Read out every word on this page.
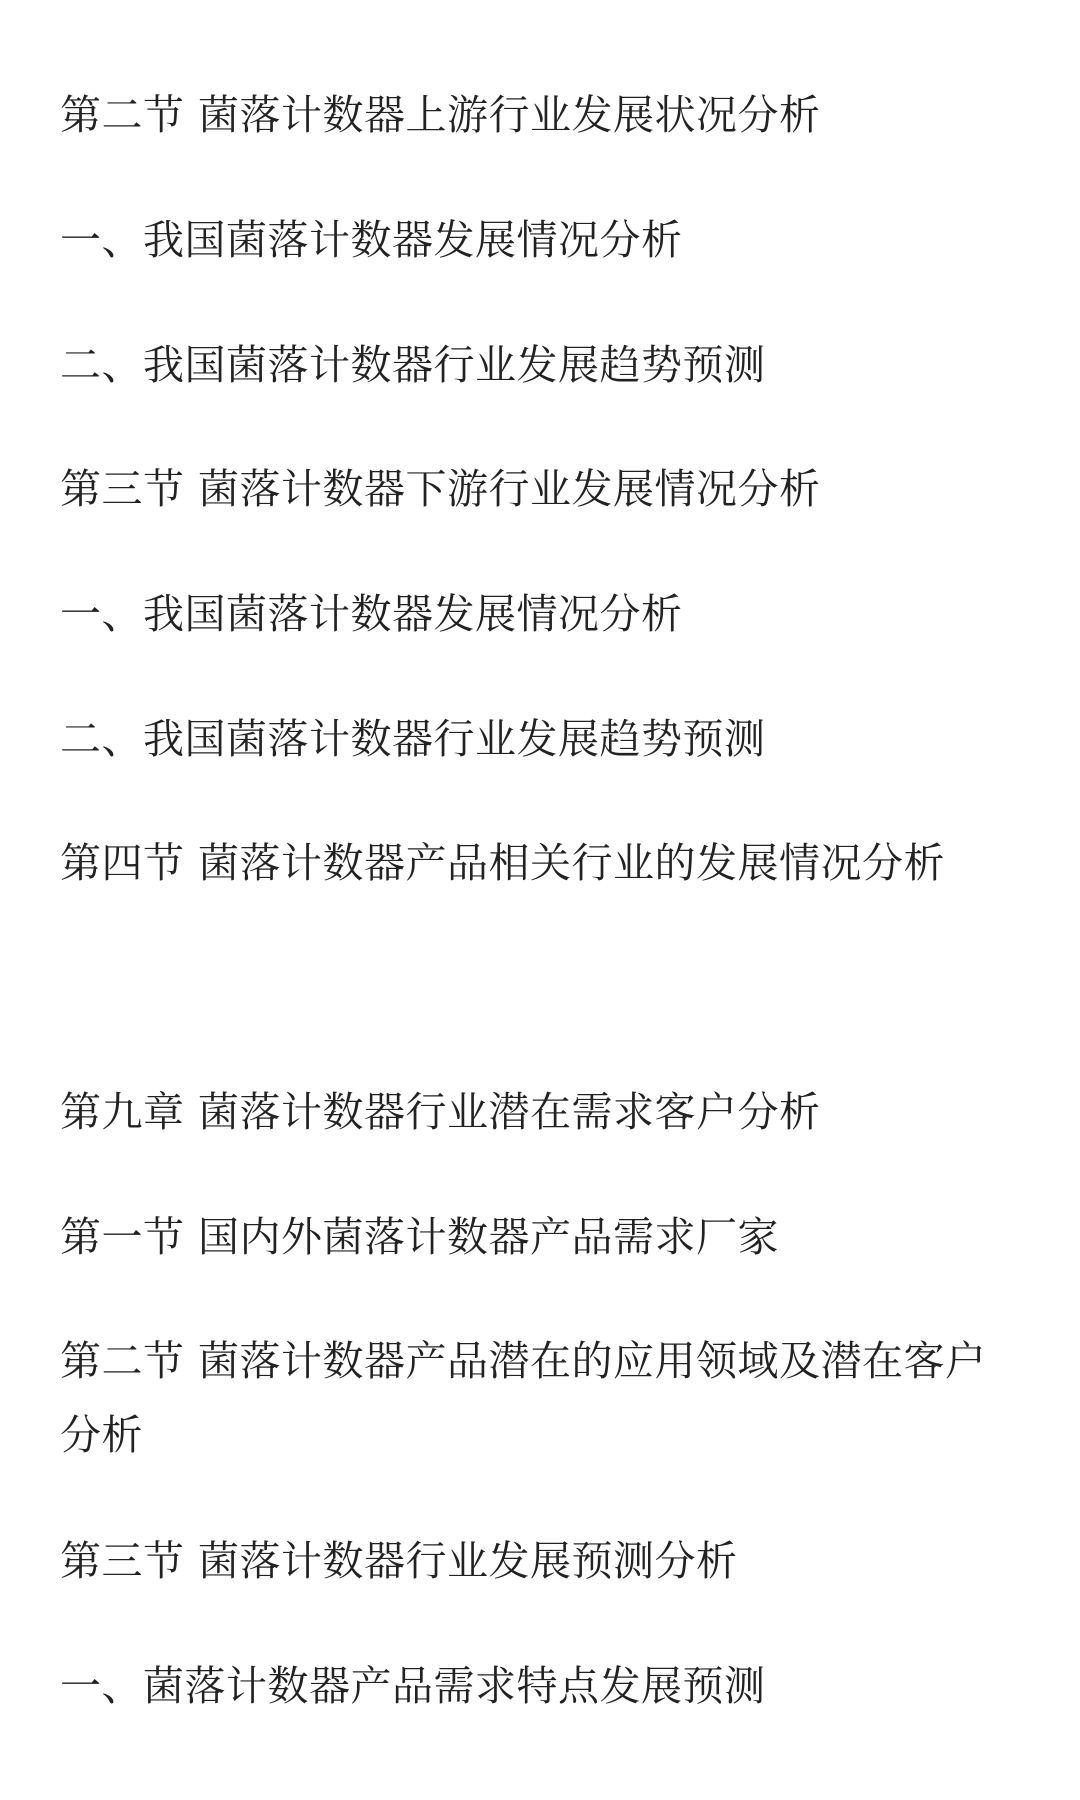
第二节 菌落计数器上游行业发展状况分析
一、我国菌落计数器发展情况分析
二、我国菌落计数器行业发展趋势预测
第三节 菌落计数器下游行业发展情况分析
一、我国菌落计数器发展情况分析
二、我国菌落计数器行业发展趋势预测
第四节 菌落计数器产品相关行业的发展情况分析
第九章 菌落计数器行业潜在需求客户分析
第一节 国内外菌落计数器产品需求厂家
第二节 菌落计数器产品潜在的应用领域及潜在客户分析
第三节 菌落计数器行业发展预测分析
一、菌落计数器产品需求特点发展预测
